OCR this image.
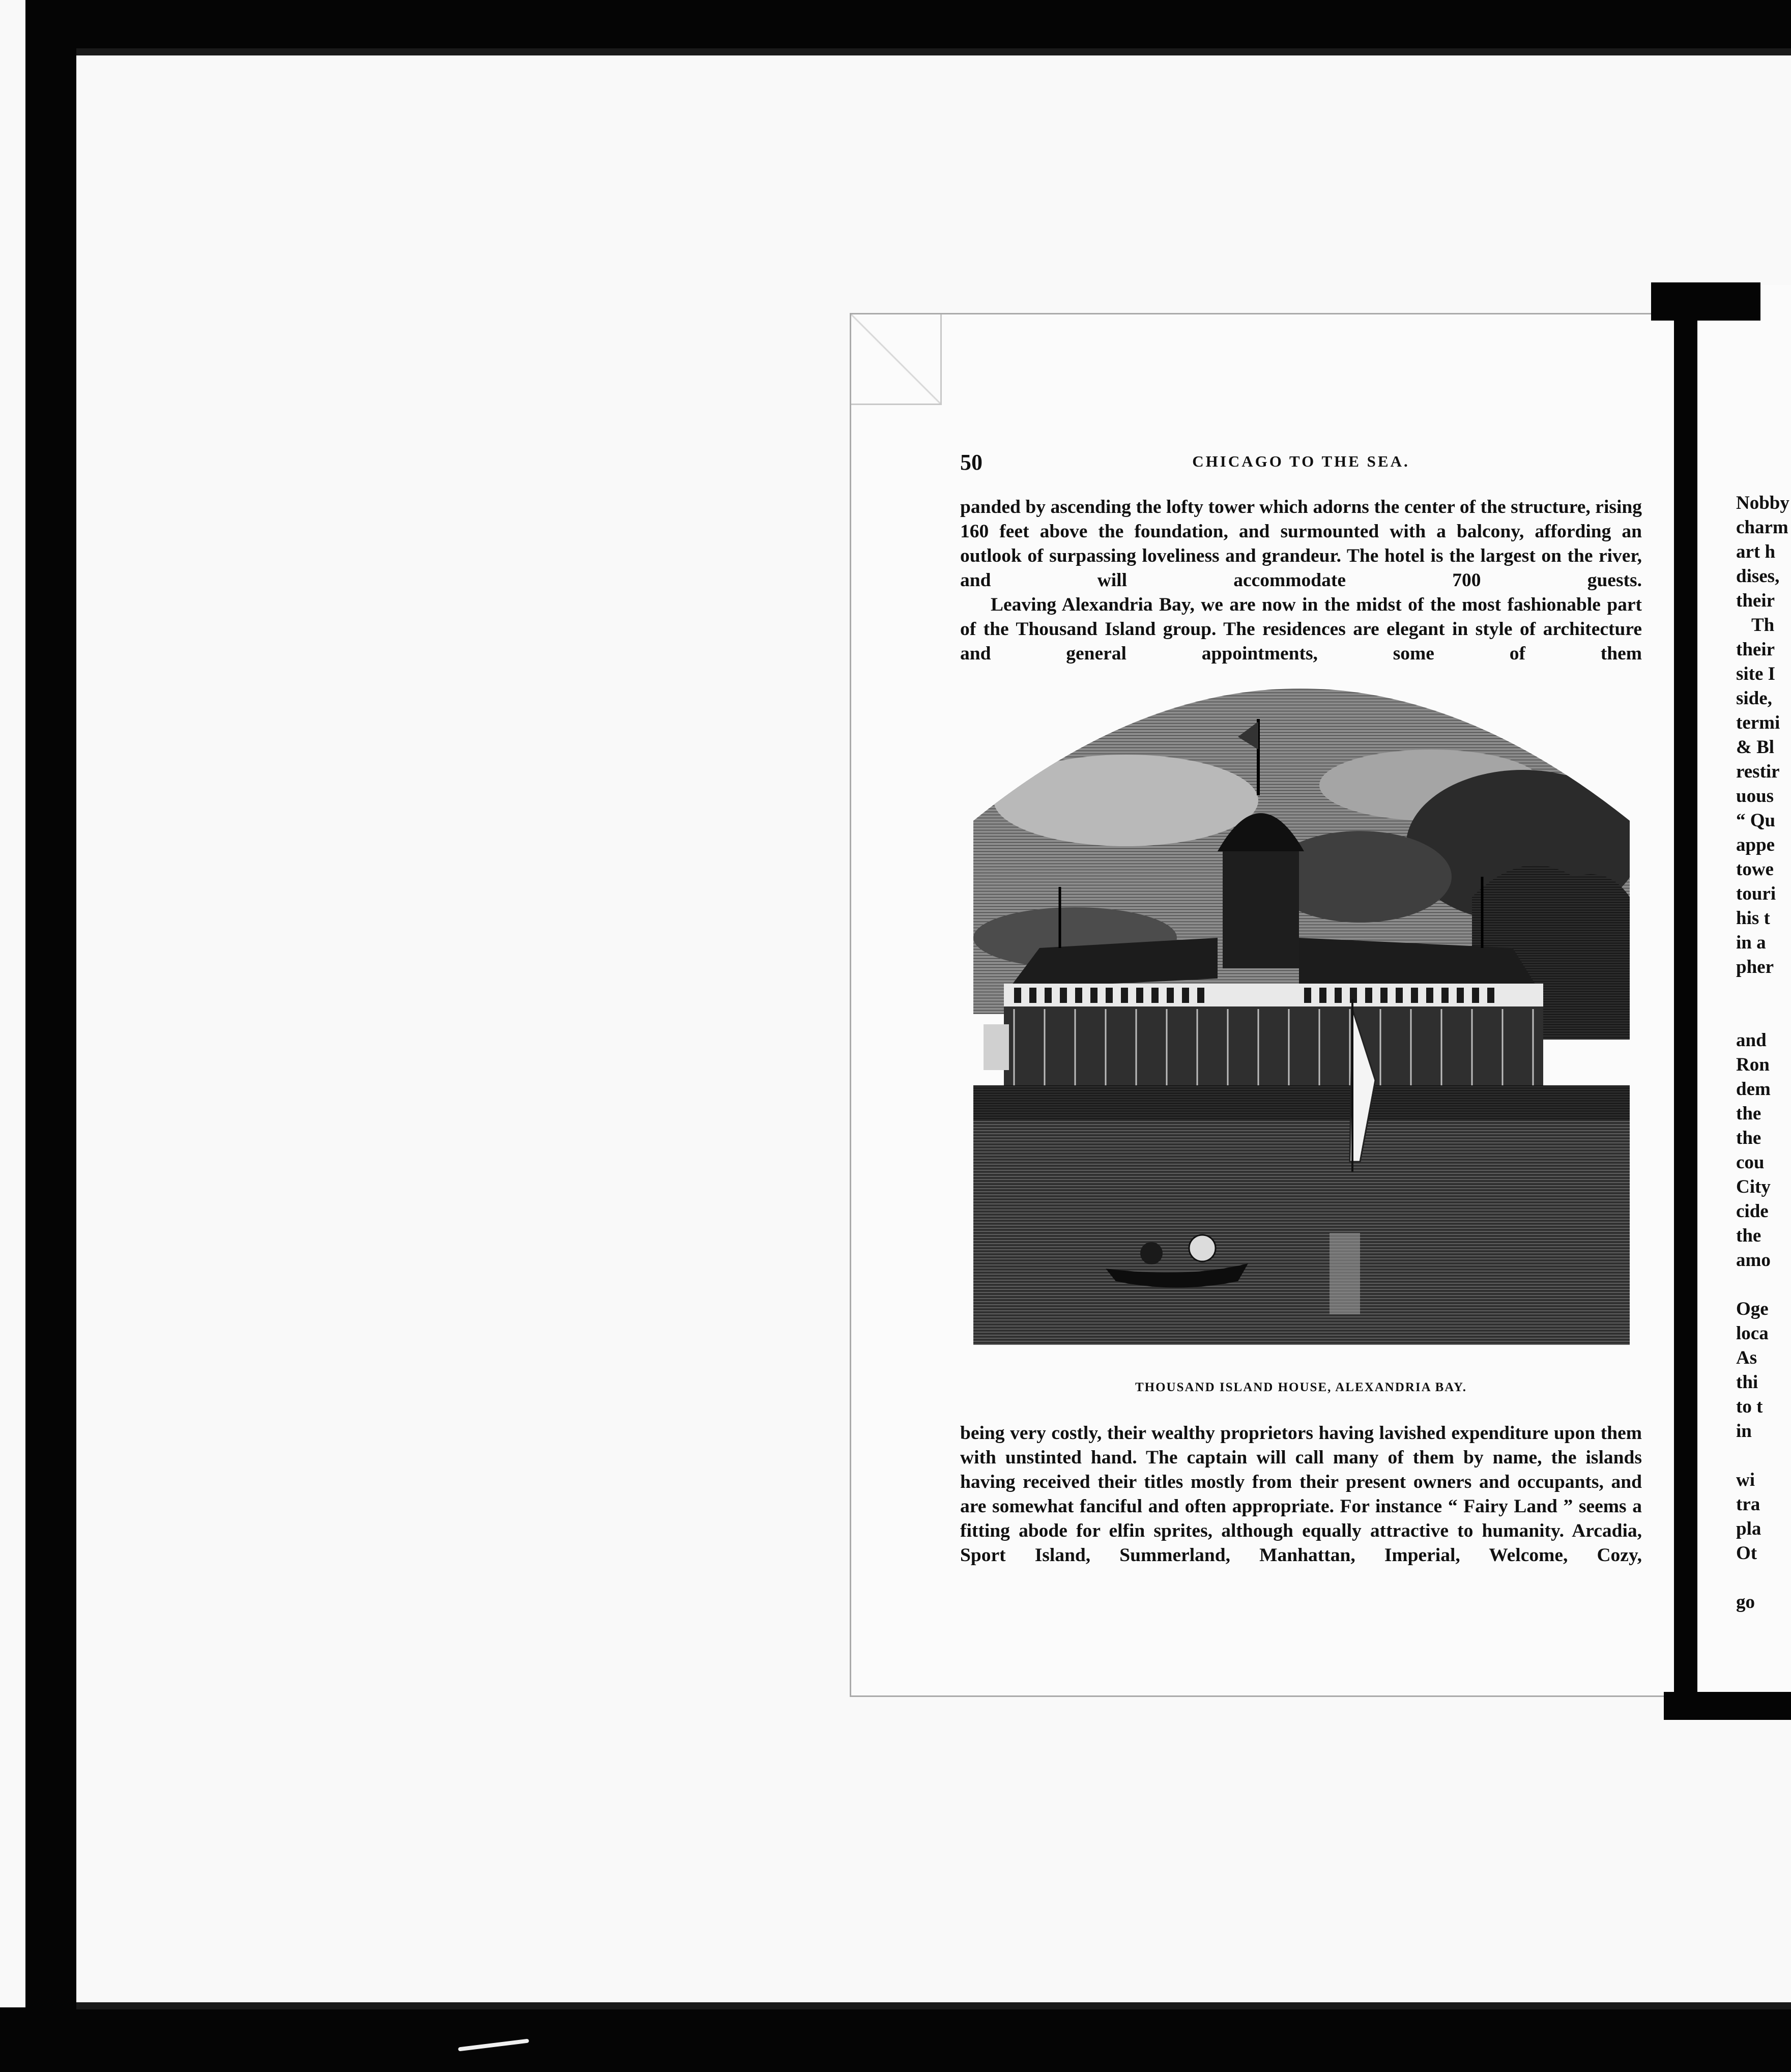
50	CHICAGO TO THE SEA.

panded by ascending the lofty tower which adorns the center of the structure, rising 160 feet above the foundation, and surmounted with a balcony, affording an outlook of surpassing loveliness and grandeur. The hotel is the largest on the river, and will accommodate 700 guests.

Leaving Alexandria Bay, we are now in the midst of the most fashionable part of the Thousand Island group. The residences are elegant in style of architecture and general appointments, some of them

THOUSAND ISLAND HOUSE, ALEXANDRIA BAY.

being very costly, their wealthy proprietors having lavished expenditure upon them with unstinted hand. The captain will call many of them by name, the islands having received their titles mostly from their present owners and occupants, and are somewhat fanciful and often appropriate. For instance “ Fairy Land ” seems a fitting abode for elfin sprites, although equally attractive to humanity. Arcadia, Sport Island, Summerland, Manhattan, Imperial, Welcome, Cozy,

Nobby
charm
art h
dises,
their
Th
their
site I
side,
termi
& Bl
restir
uous
“ Qu
appe
towe
touri
his t
in a
pher
and
Ron
dem
the
the
cou
City
cide
the
amo
Oge
loca
As
thi
to t
in
wi
tra
pla
Ot
go
